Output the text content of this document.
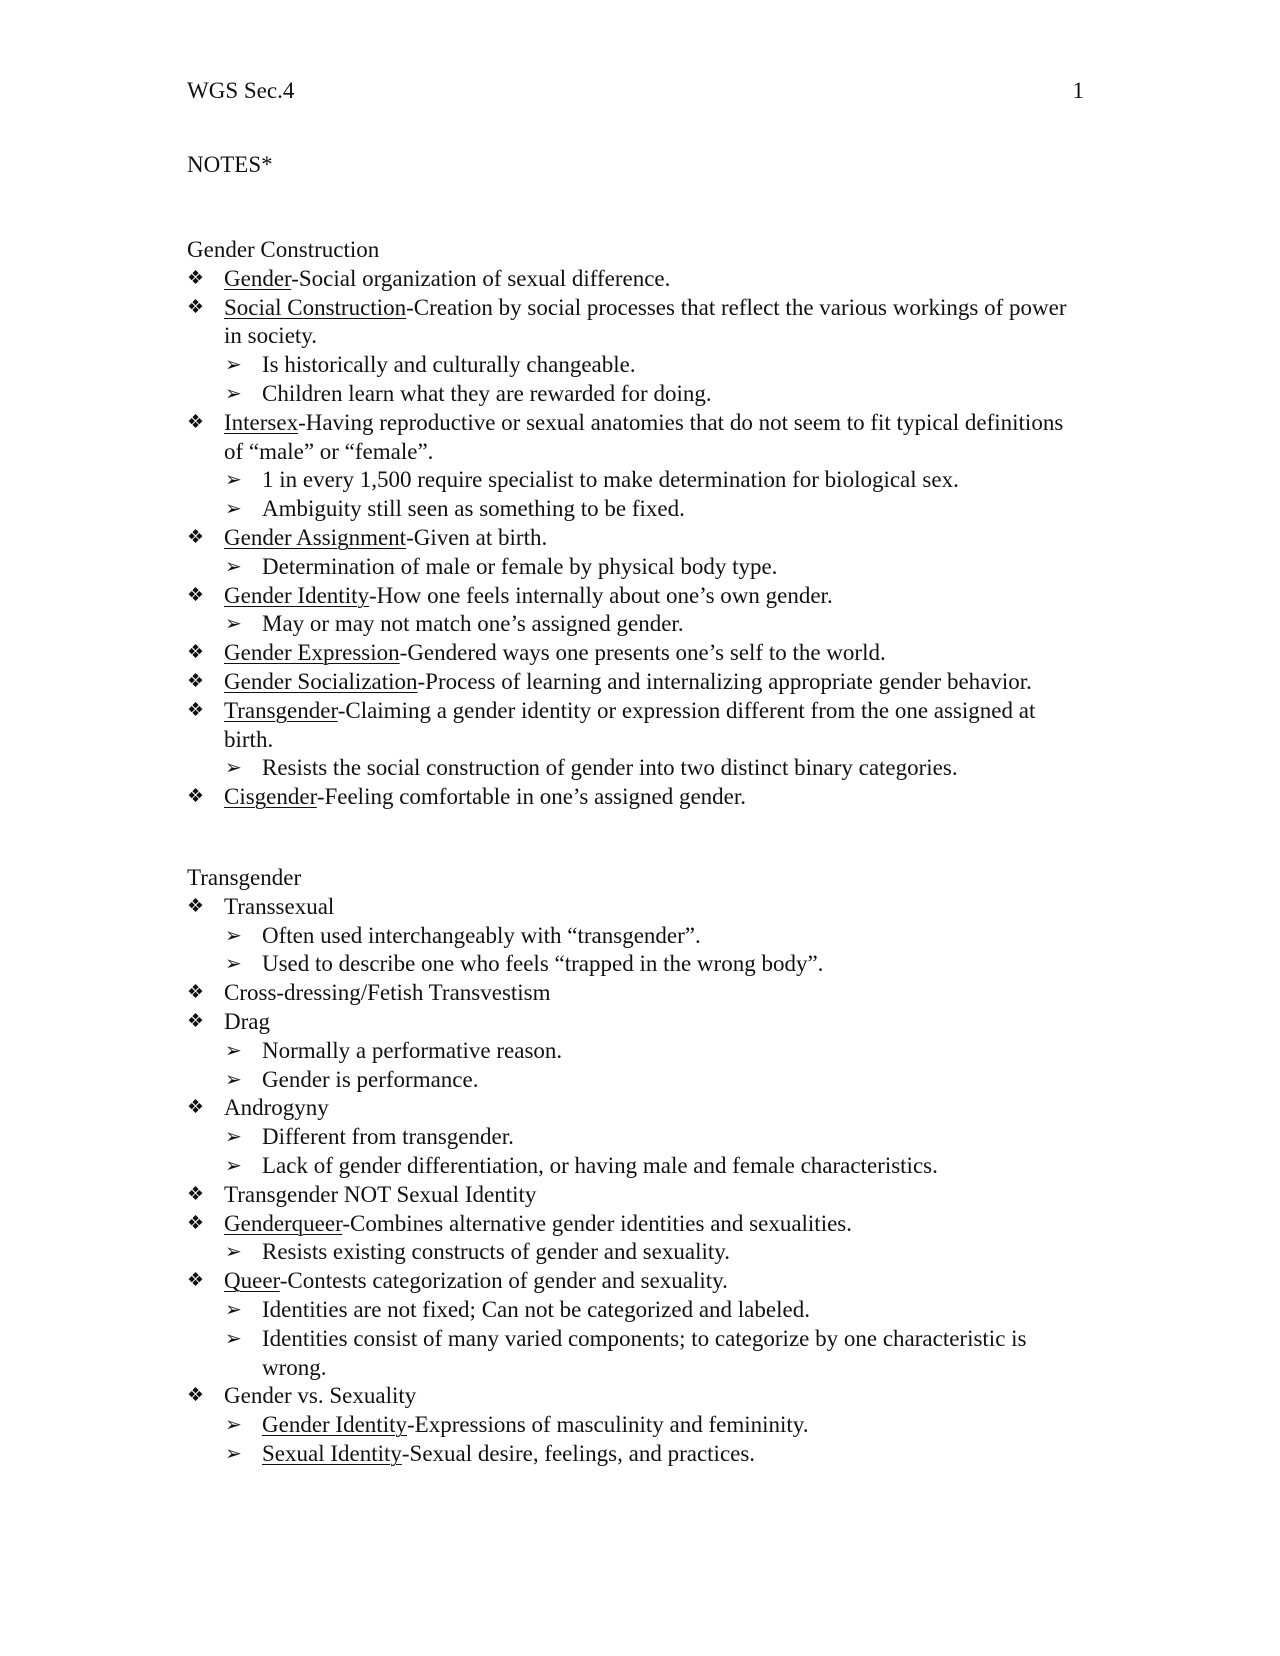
WGS Sec.4	1
NOTES*
Gender Construction
❖ Gender-Social organization of sexual difference.
❖ Social Construction-Creation by social processes that reflect the various workings of power in society.
➢ Is historically and culturally changeable.
➢ Children learn what they are rewarded for doing.
❖ Intersex-Having reproductive or sexual anatomies that do not seem to fit typical definitions of “male” or “female”.
➢ 1 in every 1,500 require specialist to make determination for biological sex.
➢ Ambiguity still seen as something to be fixed.
❖ Gender Assignment-Given at birth.
➢ Determination of male or female by physical body type.
❖ Gender Identity-How one feels internally about one’s own gender.
➢ May or may not match one’s assigned gender.
❖ Gender Expression-Gendered ways one presents one’s self to the world.
❖ Gender Socialization-Process of learning and internalizing appropriate gender behavior.
❖ Transgender-Claiming a gender identity or expression different from the one assigned at birth.
➢ Resists the social construction of gender into two distinct binary categories.
❖ Cisgender-Feeling comfortable in one’s assigned gender.
Transgender
❖ Transsexual
➢ Often used interchangeably with “transgender”.
➢ Used to describe one who feels “trapped in the wrong body”.
❖ Cross-dressing/Fetish Transvestism
❖ Drag
➢ Normally a performative reason.
➢ Gender is performance.
❖ Androgyny
➢ Different from transgender.
➢ Lack of gender differentiation, or having male and female characteristics.
❖ Transgender NOT Sexual Identity
❖ Genderqueer-Combines alternative gender identities and sexualities.
➢ Resists existing constructs of gender and sexuality.
❖ Queer-Contests categorization of gender and sexuality.
➢ Identities are not fixed; Can not be categorized and labeled.
➢ Identities consist of many varied components; to categorize by one characteristic is wrong.
❖ Gender vs. Sexuality
➢ Gender Identity-Expressions of masculinity and femininity.
➢ Sexual Identity-Sexual desire, feelings, and practices.
